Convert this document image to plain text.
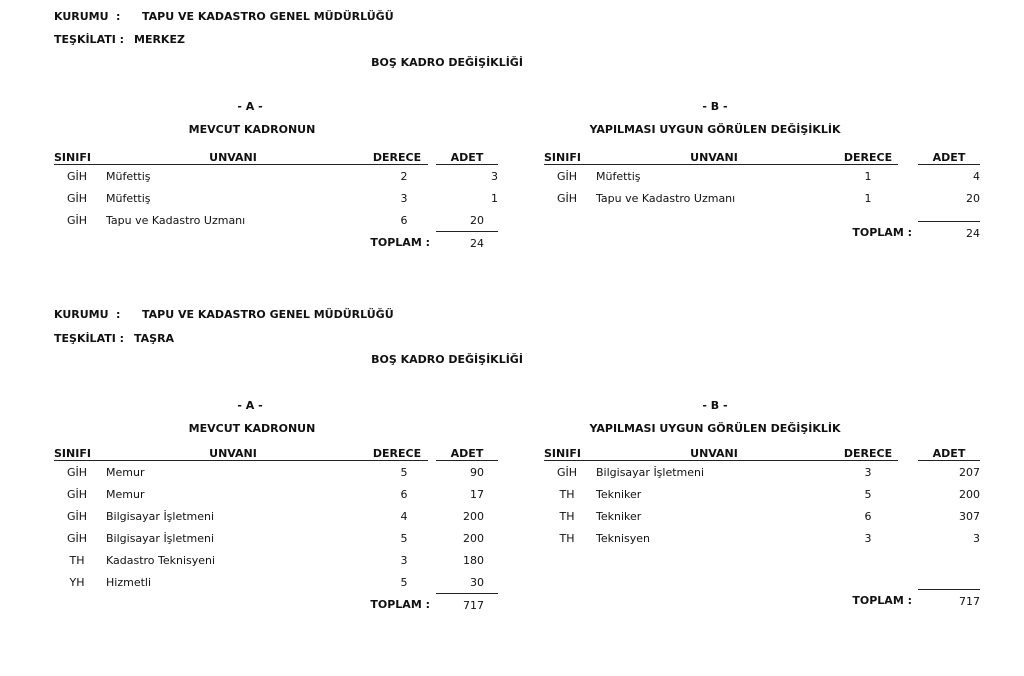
KURUMU : TAPU VE KADASTRO GENEL MÜDÜRLÜĞÜ
TEŞKİLATI : MERKEZ
BOŞ KADRO DEĞİŞİKLİĞİ
- A -
MEVCUT KADRONUN
- B -
YAPILMASI UYGUN GÖRÜLEN DEĞİŞİKLİK
SINIFI	UNVANI	DERECE		ADET
GİH	Müfettiş	2		3
GİH	Müfettiş	3		1
GİH	Tapu ve Kadastro Uzmanı	6		20
		TOPLAM :		24
SINIFI	UNVANI	DERECE		ADET
GİH	Müfettiş	1		4
GİH	Tapu ve Kadastro Uzmanı	1		20

		TOPLAM :		24
KURUMU : TAPU VE KADASTRO GENEL MÜDÜRLÜĞÜ
TEŞKİLATI : TAŞRA
BOŞ KADRO DEĞİŞİKLİĞİ
- A -
MEVCUT KADRONUN
- B -
YAPILMASI UYGUN GÖRÜLEN DEĞİŞİKLİK
SINIFI	UNVANI	DERECE		ADET
GİH	Memur	5		90
GİH	Memur	6		17
GİH	Bilgisayar İşletmeni	4		200
GİH	Bilgisayar İşletmeni	5		200
TH	Kadastro Teknisyeni	3		180
YH	Hizmetli	5		30
		TOPLAM :		717
SINIFI	UNVANI	DERECE		ADET
GİH	Bilgisayar İşletmeni	3		207
TH	Tekniker	5		200
TH	Tekniker	6		307
TH	Teknisyen	3		3

		TOPLAM :		717
